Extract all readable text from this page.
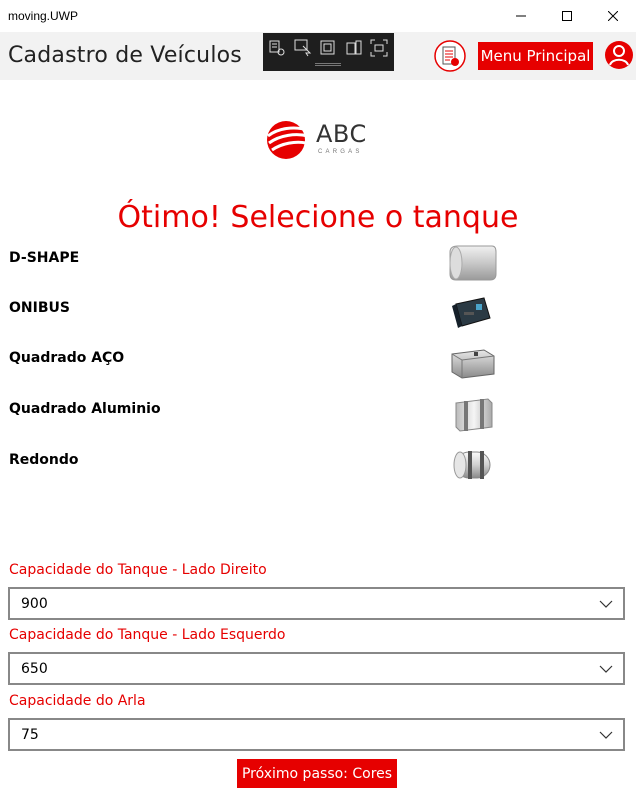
moving.UWP
Cadastro de Veículos	Menu Principal
ABC
CARGAS
Ótimo! Selecione o tanque
D-SHAPE
ONIBUS
Quadrado AÇO
Quadrado Aluminio
Redondo
Capacidade do Tanque - Lado Direito
900
Capacidade do Tanque - Lado Esquerdo
650
Capacidade do Arla
75
Próximo passo: Cores
